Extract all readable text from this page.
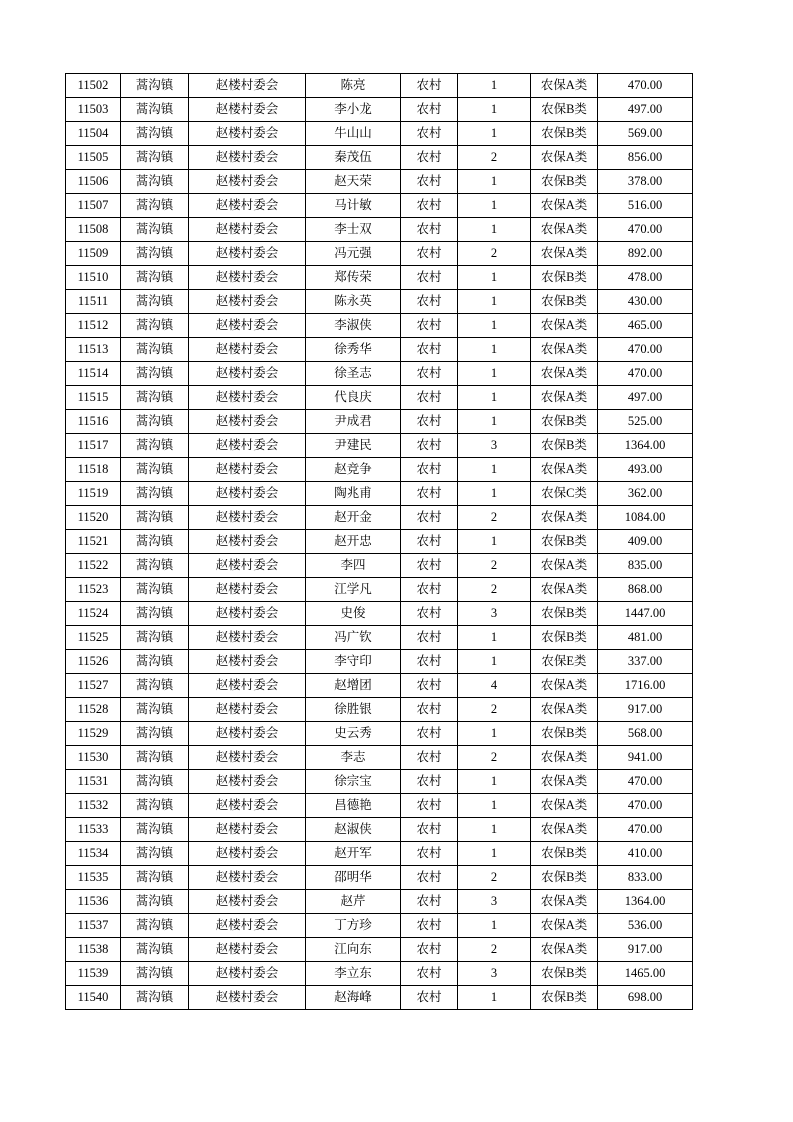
11502	蒿沟镇	赵楼村委会	陈亮	农村	1	农保A类	470.00
11503	蒿沟镇	赵楼村委会	李小龙	农村	1	农保B类	497.00
11504	蒿沟镇	赵楼村委会	牛山山	农村	1	农保B类	569.00
11505	蒿沟镇	赵楼村委会	秦茂伍	农村	2	农保A类	856.00
11506	蒿沟镇	赵楼村委会	赵天荣	农村	1	农保B类	378.00
11507	蒿沟镇	赵楼村委会	马计敏	农村	1	农保A类	516.00
11508	蒿沟镇	赵楼村委会	李士双	农村	1	农保A类	470.00
11509	蒿沟镇	赵楼村委会	冯元强	农村	2	农保A类	892.00
11510	蒿沟镇	赵楼村委会	郑传荣	农村	1	农保B类	478.00
11511	蒿沟镇	赵楼村委会	陈永英	农村	1	农保B类	430.00
11512	蒿沟镇	赵楼村委会	李淑侠	农村	1	农保A类	465.00
11513	蒿沟镇	赵楼村委会	徐秀华	农村	1	农保A类	470.00
11514	蒿沟镇	赵楼村委会	徐圣志	农村	1	农保A类	470.00
11515	蒿沟镇	赵楼村委会	代良庆	农村	1	农保A类	497.00
11516	蒿沟镇	赵楼村委会	尹成君	农村	1	农保B类	525.00
11517	蒿沟镇	赵楼村委会	尹建民	农村	3	农保B类	1364.00
11518	蒿沟镇	赵楼村委会	赵竞争	农村	1	农保A类	493.00
11519	蒿沟镇	赵楼村委会	陶兆甫	农村	1	农保C类	362.00
11520	蒿沟镇	赵楼村委会	赵开金	农村	2	农保A类	1084.00
11521	蒿沟镇	赵楼村委会	赵开忠	农村	1	农保B类	409.00
11522	蒿沟镇	赵楼村委会	李四	农村	2	农保A类	835.00
11523	蒿沟镇	赵楼村委会	江学凡	农村	2	农保A类	868.00
11524	蒿沟镇	赵楼村委会	史俊	农村	3	农保B类	1447.00
11525	蒿沟镇	赵楼村委会	冯广钦	农村	1	农保B类	481.00
11526	蒿沟镇	赵楼村委会	李守印	农村	1	农保E类	337.00
11527	蒿沟镇	赵楼村委会	赵增团	农村	4	农保A类	1716.00
11528	蒿沟镇	赵楼村委会	徐胜银	农村	2	农保A类	917.00
11529	蒿沟镇	赵楼村委会	史云秀	农村	1	农保B类	568.00
11530	蒿沟镇	赵楼村委会	李志	农村	2	农保A类	941.00
11531	蒿沟镇	赵楼村委会	徐宗宝	农村	1	农保A类	470.00
11532	蒿沟镇	赵楼村委会	昌德艳	农村	1	农保A类	470.00
11533	蒿沟镇	赵楼村委会	赵淑侠	农村	1	农保A类	470.00
11534	蒿沟镇	赵楼村委会	赵开军	农村	1	农保B类	410.00
11535	蒿沟镇	赵楼村委会	邵明华	农村	2	农保B类	833.00
11536	蒿沟镇	赵楼村委会	赵芹	农村	3	农保A类	1364.00
11537	蒿沟镇	赵楼村委会	丁方珍	农村	1	农保A类	536.00
11538	蒿沟镇	赵楼村委会	江向东	农村	2	农保A类	917.00
11539	蒿沟镇	赵楼村委会	李立东	农村	3	农保B类	1465.00
11540	蒿沟镇	赵楼村委会	赵海峰	农村	1	农保B类	698.00
